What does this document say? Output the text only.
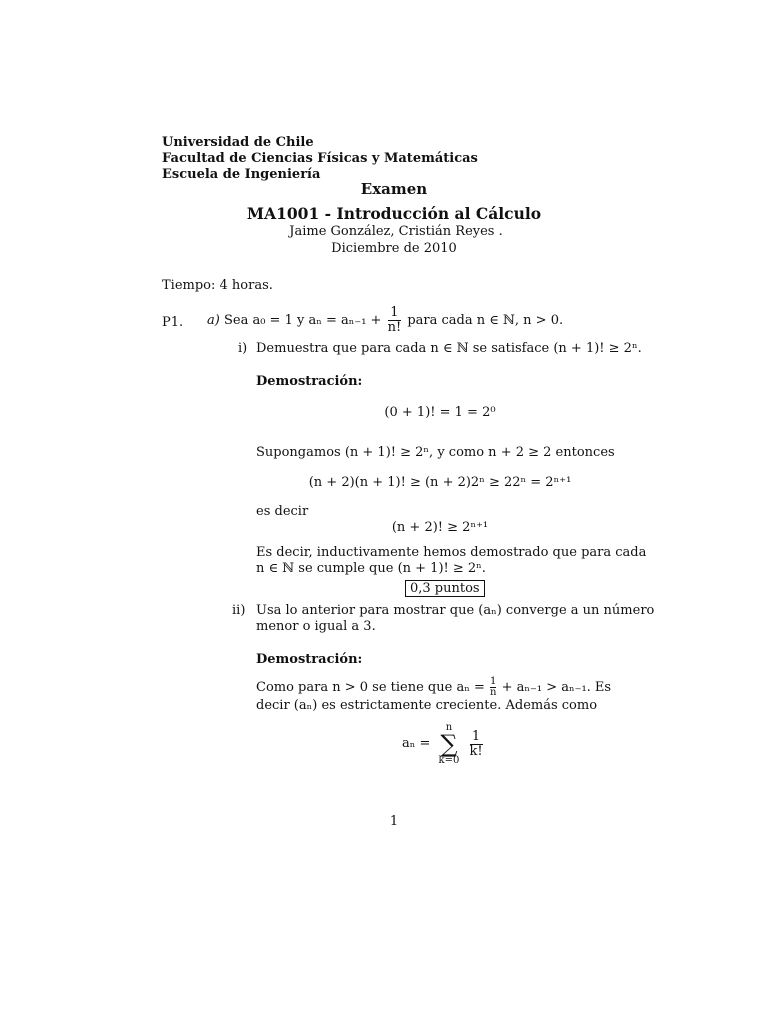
Universidad de Chile
Facultad de Ciencias Físicas y Matemáticas
Escuela de Ingeniería
Examen
MA1001 - Introducción al Cálculo
Jaime González, Cristián Reyes .
Diciembre de 2010
Tiempo: 4 horas.
P1. a) Sea a₀ = 1 y $a_n = a_{n-1} + \frac{1}{n!}$ para cada n ∈ ℕ, n > 0.
i) Demuestra que para cada n ∈ ℕ se satisface (n + 1)! ≥ 2ⁿ.
Demostración:
(0 + 1)! = 1 = 2⁰
Supongamos (n + 1)! ≥ 2ⁿ, y como n + 2 ≥ 2 entonces
(n + 2)(n + 1)! ≥ (n + 2)2ⁿ ≥ 22ⁿ = 2ⁿ⁺¹
es decir
(n + 2)! ≥ 2ⁿ⁺¹
Es decir, inductivamente hemos demostrado que para cada
n ∈ ℕ se cumple que (n + 1)! ≥ 2ⁿ.
0,3 puntos
ii) Usa lo anterior para mostrar que (aₙ) converge a un número
menor o igual a 3.
Demostración:
Como para n > 0 se tiene que $a_n = \frac{1}{n} + a_{n-1} > a_{n-1}$. Es
decir (aₙ) es estrictamente creciente. Además como
aₙ =
n
∑
k=0

$\frac{1}{k!}$
1
